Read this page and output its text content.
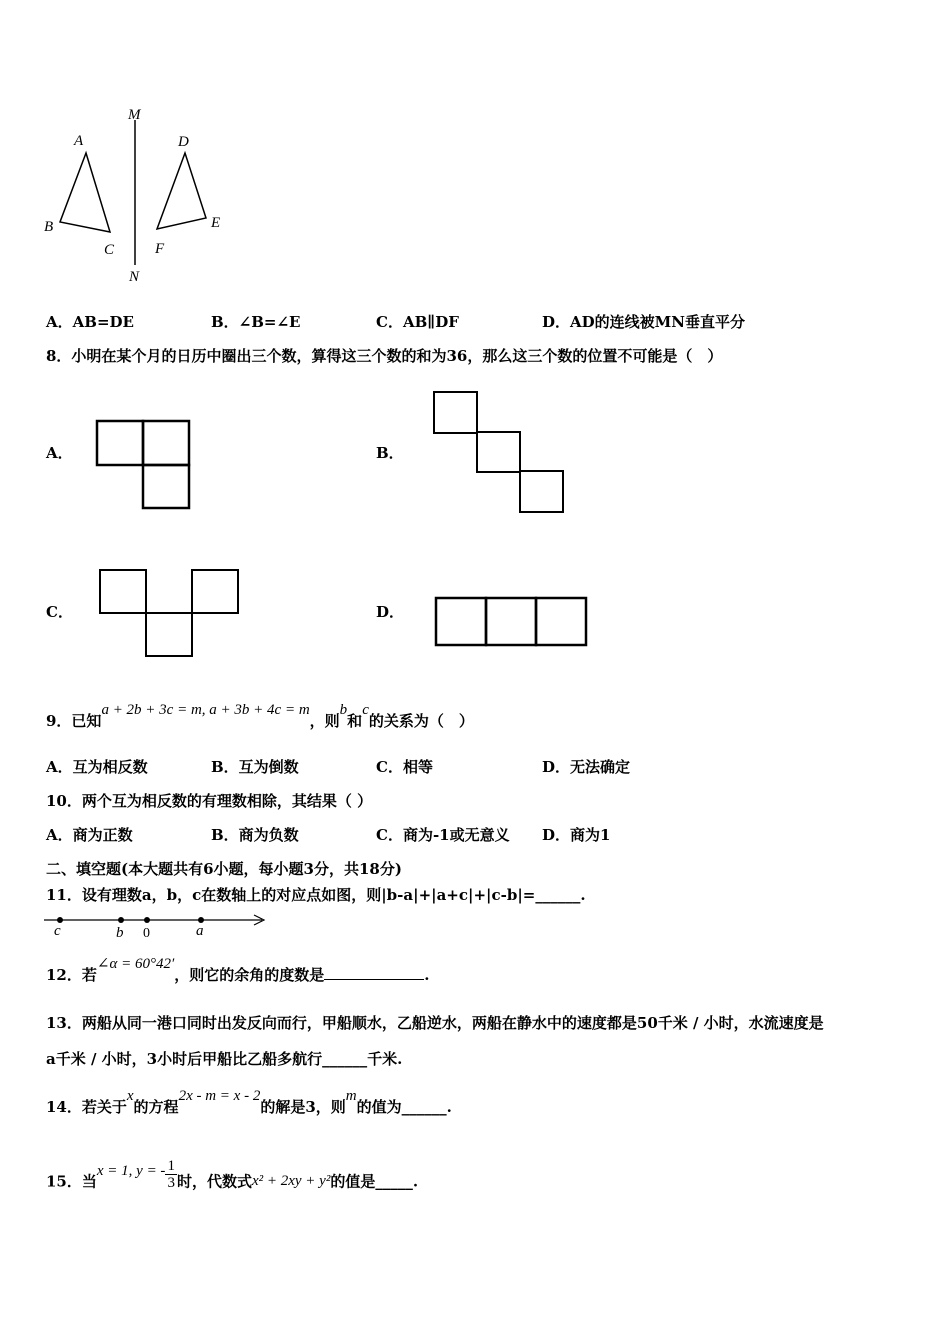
M
N
A
B
C
D
E
F
A．AB=DE	B．∠B=∠E	C．AB∥DF	D．AD的连线被MN垂直平分
8．小明在某个月的日历中圈出三个数，算得这三个数的和为36，那么这三个数的位置不可能是（　）
A．	B．
C．	D．
9．已知a + 2b + 3c = m, a + 3b + 4c = m，则b和c的关系为（　）
A．互为相反数	B．互为倒数	C．相等	D．无法确定
10．两个互为相反数的有理数相除，其结果（ ）
A．商为正数	B．商为负数	C．商为-1或无意义 D．商为1
二、填空题(本大题共有6小题，每小题3分，共18分)
11．设有理数a，b，c在数轴上的对应点如图，则|b-a|+|a+c|+|c-b|=______.
c	b 0	a
12．若∠α = 60°42′，则它的余角的度数是	.
13．两船从同一港口同时出发反向而行，甲船顺水，乙船逆水，两船在静水中的速度都是50千米 / 小时，水流速度是
a千米 / 小时，3小时后甲船比乙船多航行______千米.
14．若关于x的方程2x - m = x - 2的解是3，则m的值为______.
15．当x = 1, y = - $\frac{1}{3}$ 时，代数式x² + 2xy + y²的值是_____.
